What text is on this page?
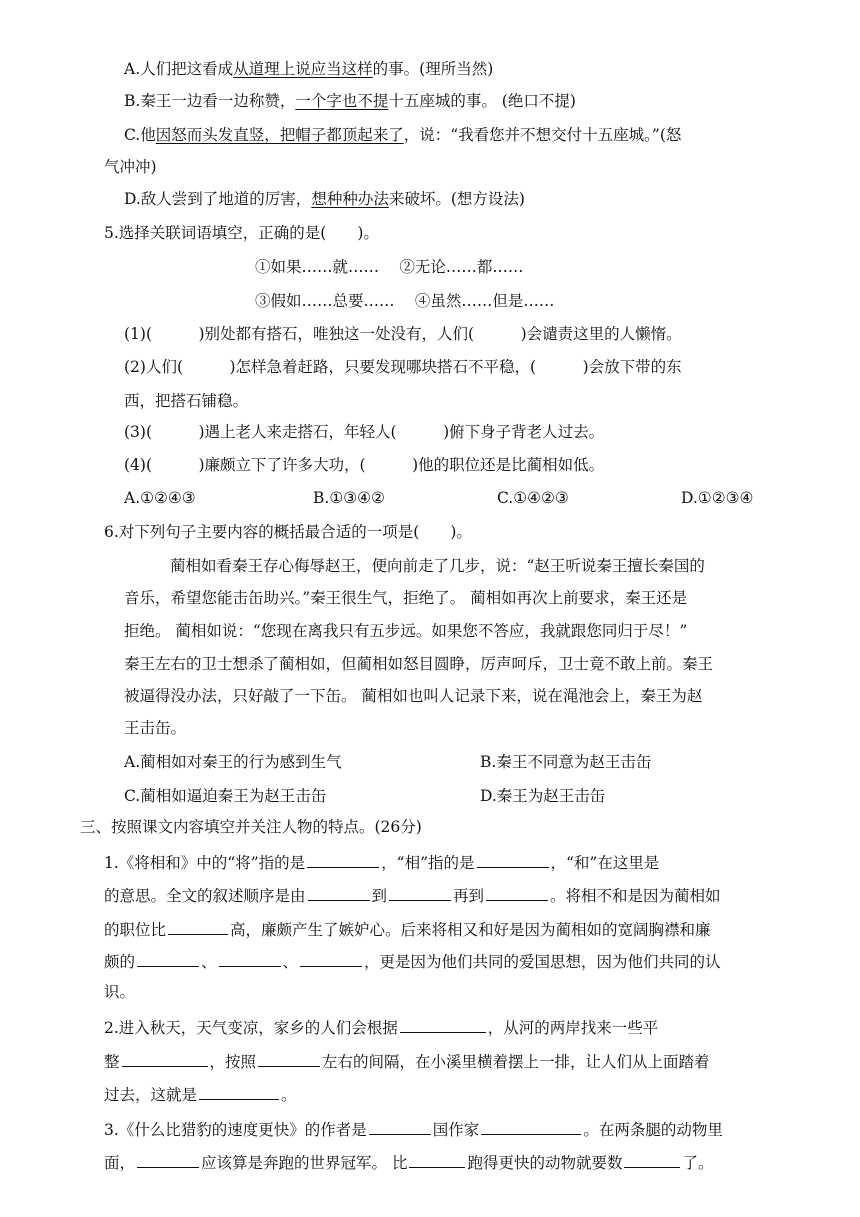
A.人们把这看成从道理上说应当这样的事。(理所当然)
B.秦王一边看一边称赞，一个字也不提十五座城的事。 (绝口不提)
C.他因怒而头发直竖，把帽子都顶起来了，说：“我看您并不想交付十五座城。”(怒
气冲冲)
D.敌人尝到了地道的厉害，想种种办法来破坏。(想方设法)
5.选择关联词语填空，正确的是(　　)。
①如果……就……　 ②无论……都……
③假如……总要……　 ④虽然……但是……
(1)(　　　)别处都有搭石，唯独这一处没有，人们(　　　)会谴责这里的人懒惰。
(2)人们(　　　)怎样急着赶路，只要发现哪块搭石不平稳，(　　　)会放下带的东
西，把搭石铺稳。
(3)(　　　)遇上老人来走搭石，年轻人(　　　)俯下身子背老人过去。
(4)(　　　)廉颇立下了许多大功，(　　　)他的职位还是比蔺相如低。
A.①②④③	B.①③④②	C.①④②③	D.①②③④
6.对下列句子主要内容的概括最合适的一项是(　　)。
蔺相如看秦王存心侮辱赵王，便向前走了几步，说：“赵王听说秦王擅长秦国的
音乐，希望您能击缶助兴。”秦王很生气，拒绝了。 蔺相如再次上前要求，秦王还是
拒绝。 蔺相如说：“您现在离我只有五步远。如果您不答应，我就跟您同归于尽！”
秦王左右的卫士想杀了蔺相如，但蔺相如怒目圆睁，厉声呵斥，卫士竟不敢上前。秦王
被逼得没办法，只好敲了一下缶。 蔺相如也叫人记录下来，说在渑池会上，秦王为赵
王击缶。
A.蔺相如对秦王的行为感到生气	B.秦王不同意为赵王击缶
C.蔺相如逼迫秦王为赵王击缶	D.秦王为赵王击缶
三、按照课文内容填空并关注人物的特点。(26分)
1.《将相和》中的“将”指的是	，“相”指的是	，“和”在这里是
的意思。全文的叙述顺序是由	到	再到	。将相不和是因为蔺相如
的职位比	高，廉颇产生了嫉妒心。后来将相又和好是因为蔺相如的宽阔胸襟和廉
颇的	、	、	，更是因为他们共同的爱国思想，因为他们共同的认
识。
2.进入秋天，天气变凉，家乡的人们会根据	，从河的两岸找来一些平
整	，按照	左右的间隔，在小溪里横着摆上一排，让人们从上面踏着
过去，这就是	。
3.《什么比猎豹的速度更快》的作者是	国作家	。在两条腿的动物里
面，	应该算是奔跑的世界冠军。 比	跑得更快的动物就要数	了。
